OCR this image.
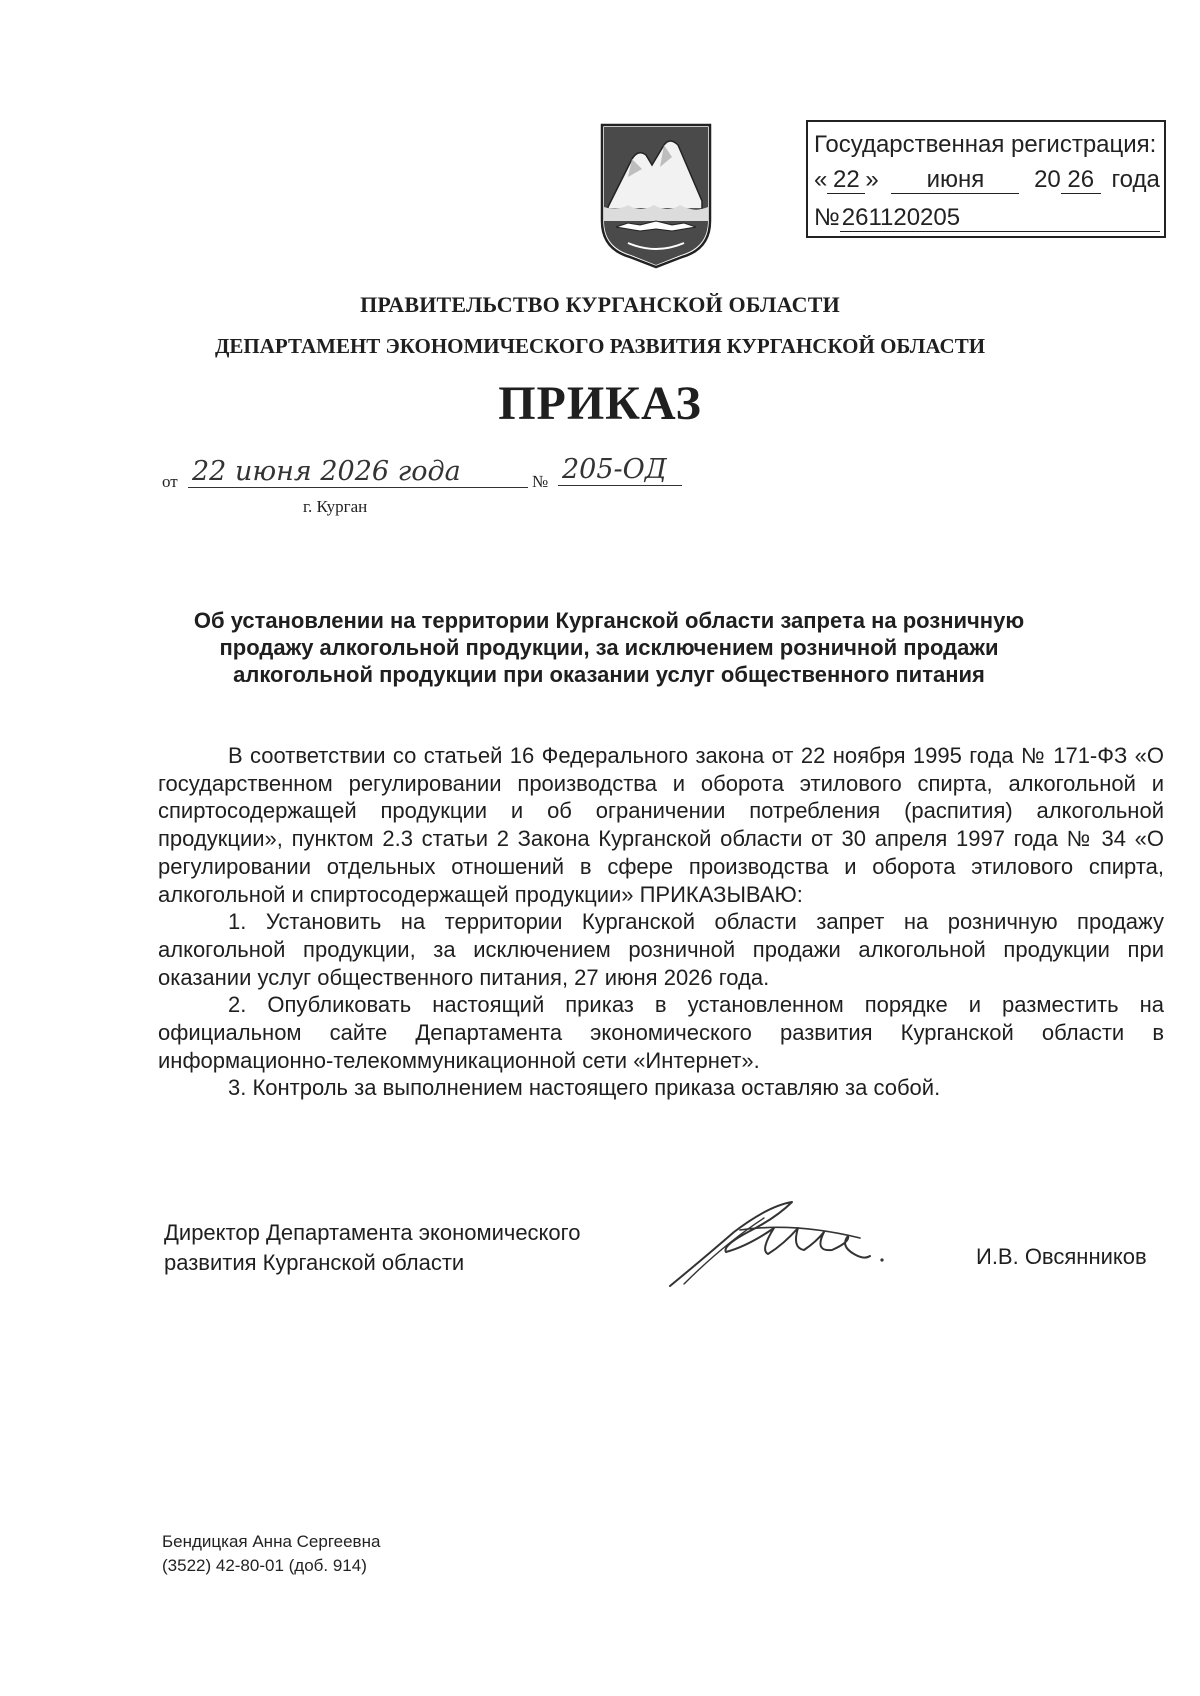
Государственная регистрация:
« 22 » июня 20 26 года
№261120205
ПРАВИТЕЛЬСТВО КУРГАНСКОЙ ОБЛАСТИ
ДЕПАРТАМЕНТ ЭКОНОМИЧЕСКОГО РАЗВИТИЯ КУРГАНСКОЙ ОБЛАСТИ
ПРИКАЗ
от 22 июня 2026 года	№ 205-ОД
г. Курган
Об установлении на территории Курганской области запрета на розничную
продажу алкогольной продукции, за исключением розничной продажи
алкогольной продукции при оказании услуг общественного питания

В соответствии со статьей 16 Федерального закона от 22 ноября 1995 года № 171-ФЗ «О государственном регулировании производства и оборота этилового спирта, алкогольной и спиртосодержащей продукции и об ограничении потребления (распития) алкогольной продукции», пунктом 2.3 статьи 2 Закона Курганской области от 30 апреля 1997 года № 34 «О регулировании отдельных отношений в сфере производства и оборота этилового спирта, алкогольной и спиртосодержащей продукции» ПРИКАЗЫВАЮ:

1. Установить на территории Курганской области запрет на розничную продажу алкогольной продукции, за исключением розничной продажи алкогольной продукции при оказании услуг общественного питания, 27 июня 2026 года.

2. Опубликовать настоящий приказ в установленном порядке и разместить на официальном сайте Департамента экономического развития Курганской области в информационно-телекоммуникационной сети «Интернет».

3. Контроль за выполнением настоящего приказа оставляю за собой.

Директор Департамента экономического
развития Курганской области	И.В. Овсянников
Бендицкая Анна Сергеевна
(3522) 42-80-01 (доб. 914)
